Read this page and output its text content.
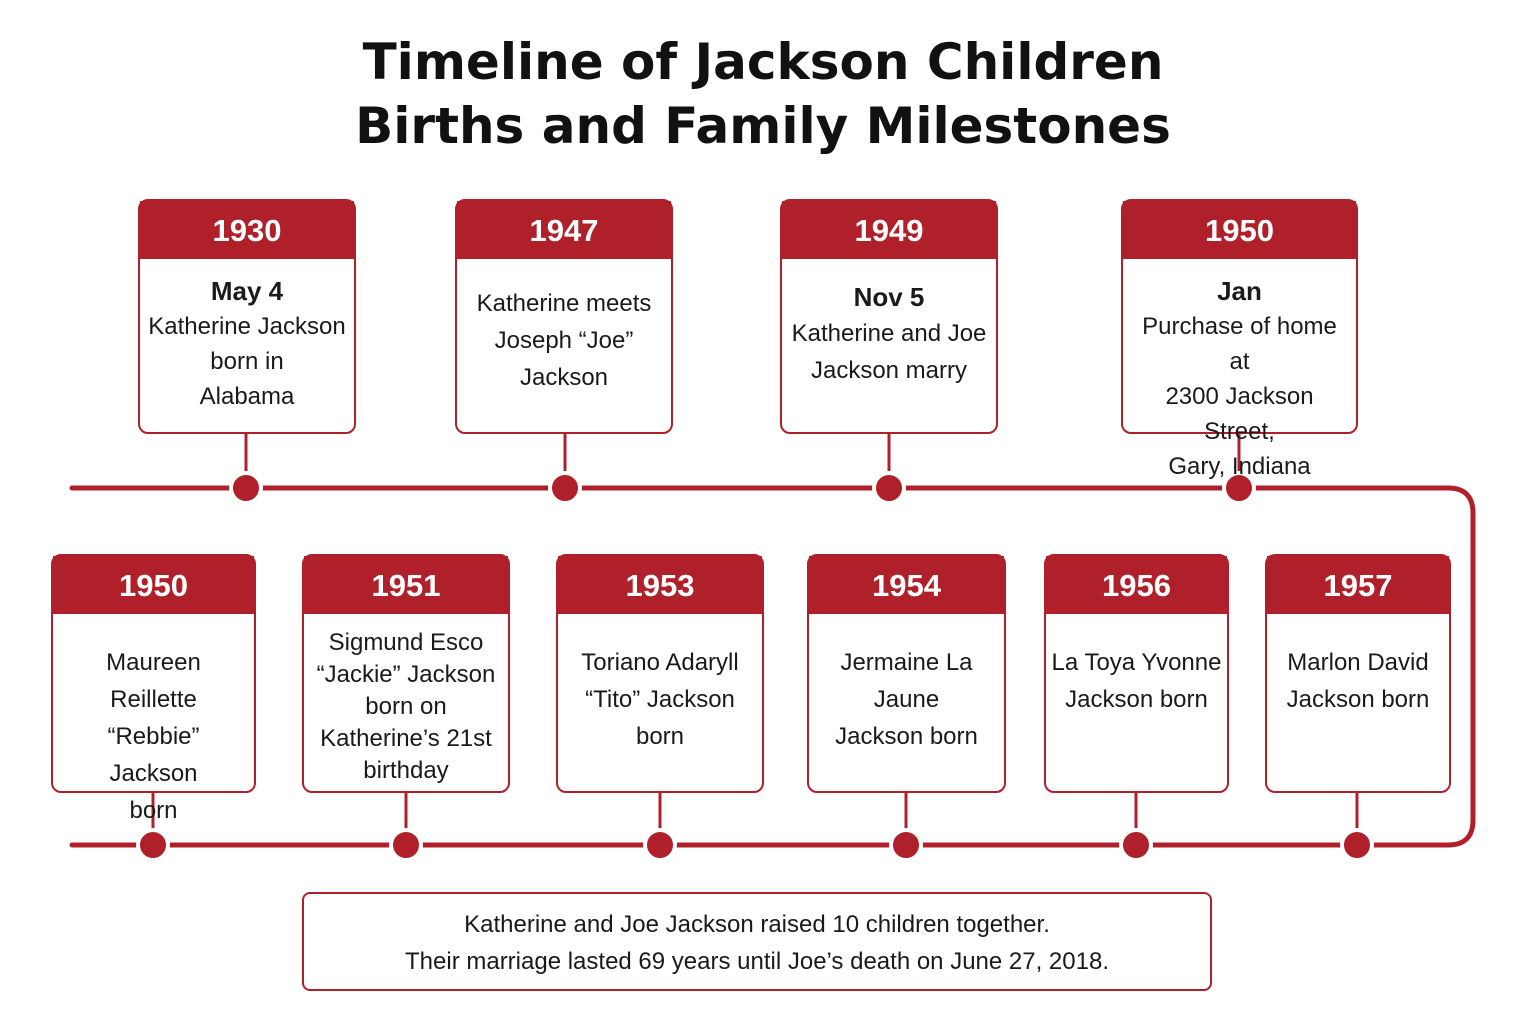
Timeline of Jackson Children
Births and Family Milestones
1930
May 4
Katherine Jackson
born in
Alabama
1947
Katherine meets
Joseph “Joe”
Jackson
1949
Nov 5
Katherine and Joe
Jackson marry
1950
Jan
Purchase of home at
2300 Jackson Street,
Gary, Indiana
1950
Maureen Reillette
“Rebbie” Jackson
born
1951
Sigmund Esco
“Jackie” Jackson
born on
Katherine’s 21st
birthday
1953
Toriano Adaryll
“Tito” Jackson
born
1954
Jermaine La Jaune
Jackson born
1956
La Toya Yvonne
Jackson born
1957
Marlon David
Jackson born
Katherine and Joe Jackson raised 10 children together.
Their marriage lasted 69 years until Joe’s death on June 27, 2018.
